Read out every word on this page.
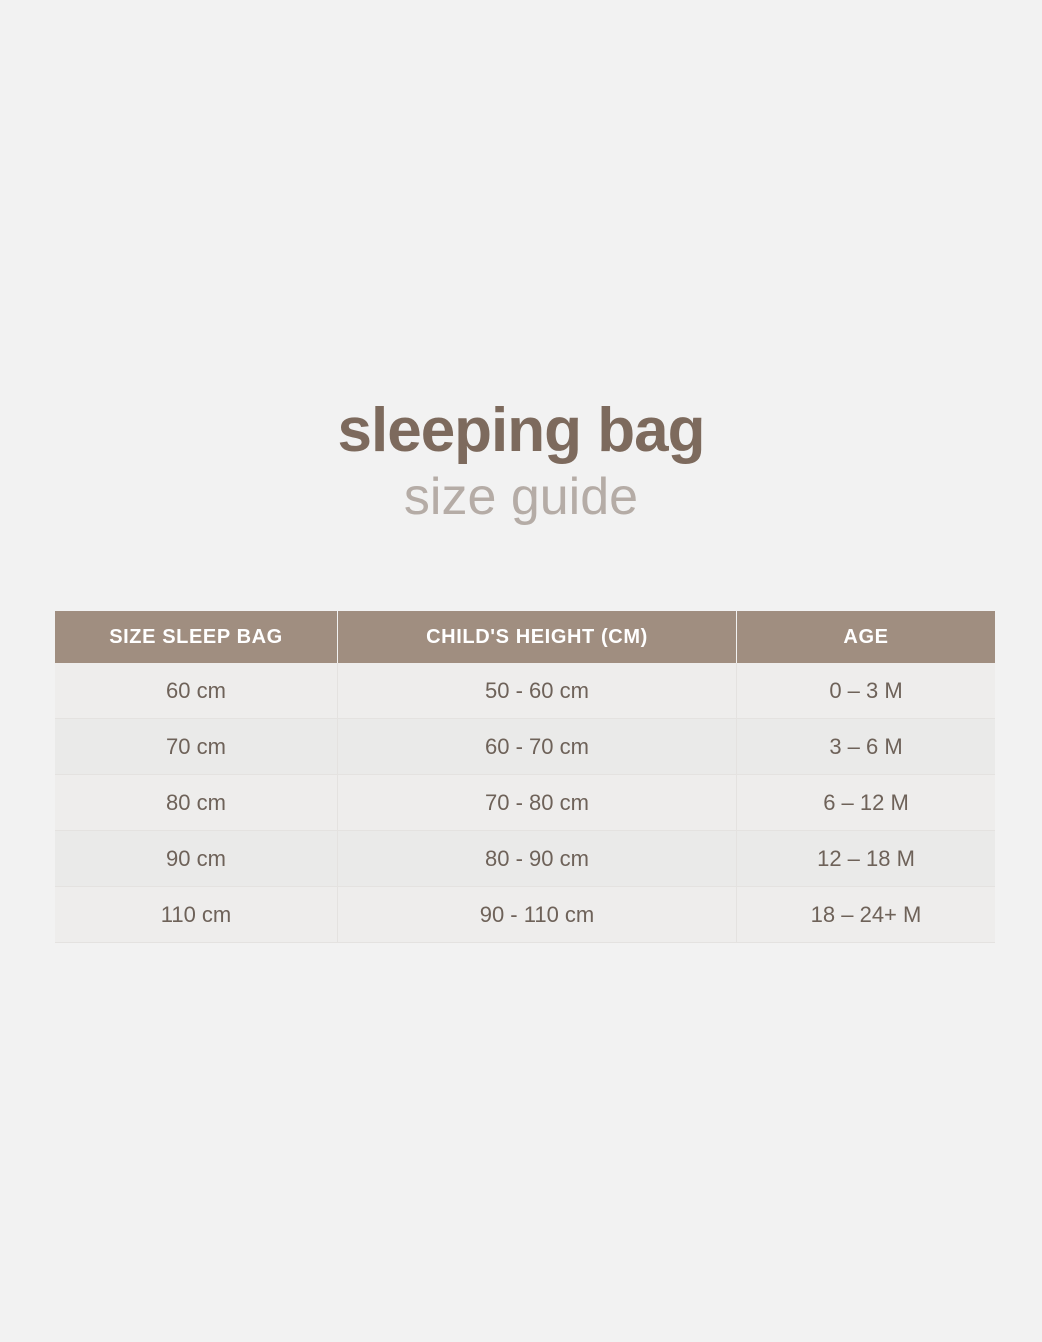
sleeping bag
size guide
SIZE SLEEP BAG	CHILD'S HEIGHT (CM)	AGE
60 cm	50 - 60 cm	0 – 3 M
70 cm	60 - 70 cm	3 – 6 M
80 cm	70 - 80 cm	6 – 12 M
90 cm	80 - 90 cm	12 – 18 M
110 cm	90 - 110 cm	18 – 24+ M
